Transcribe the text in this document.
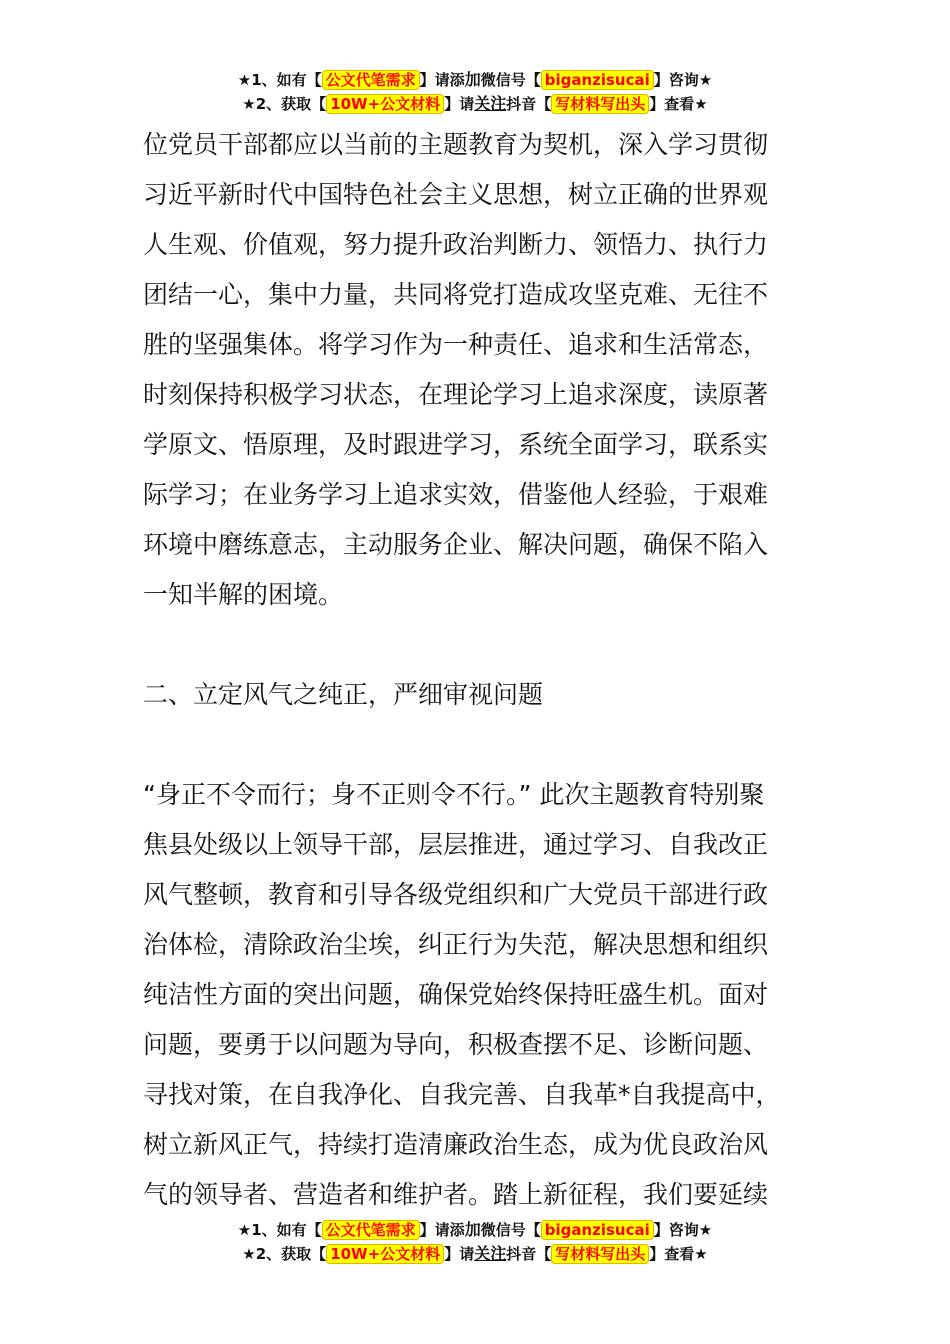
★1、如有【 公文代笔需求 】请添加微信号【 biganzisucai 】咨询★
★2、获取【 10W+公文材料 】请关注抖音【 写材料写出头 】查看★

位党员干部都应以当前的主题教育为契机，深入学习贯彻

习近平新时代中国特色社会主义思想，树立正确的世界观

人生观、价值观，努力提升政治判断力、领悟力、执行力

团结一心，集中力量，共同将党打造成攻坚克难、无往不

胜的坚强集体。将学习作为一种责任、追求和生活常态，

时刻保持积极学习状态，在理论学习上追求深度，读原著

学原文、悟原理，及时跟进学习，系统全面学习，联系实

际学习；在业务学习上追求实效，借鉴他人经验，于艰难

环境中磨练意志，主动服务企业、解决问题，确保不陷入

一知半解的困境。

二、立定风气之纯正，严细审视问题

“身正不令而行；身不正则令不行。” 此次主题教育特别聚

焦县处级以上领导干部，层层推进，通过学习、自我改正

风气整顿，教育和引导各级党组织和广大党员干部进行政

治体检，清除政治尘埃，纠正行为失范，解决思想和组织

纯洁性方面的突出问题，确保党始终保持旺盛生机。面对

问题，要勇于以问题为导向，积极查摆不足、诊断问题、

寻找对策，在自我净化、自我完善、自我革*自我提高中，

树立新风正气，持续打造清廉政治生态，成为优良政治风

气的领导者、营造者和维护者。踏上新征程，我们要延续

★1、如有【 公文代笔需求 】请添加微信号【 biganzisucai 】咨询★
★2、获取【 10W+公文材料 】请关注抖音【 写材料写出头 】查看★
